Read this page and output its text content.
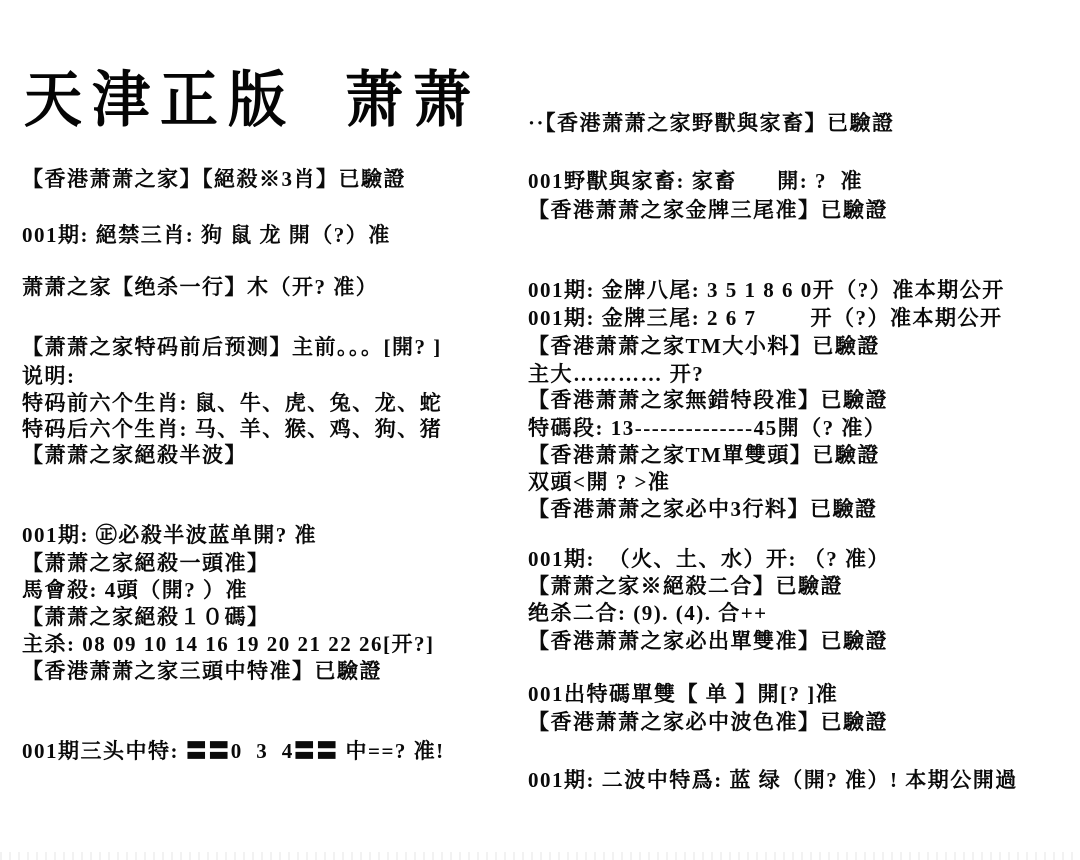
天津正版  萧萧
【香港萧萧之家】【絕殺※3肖】已驗證
001期: 絕禁三肖: 狗 鼠 龙 開（?）准
萧萧之家【绝杀一行】木（开? 准）
【萧萧之家特码前后预测】主前。。。[開? ]
说明:
特码前六个生肖: 鼠、牛、虎、兔、龙、蛇
特码后六个生肖: 马、羊、猴、鸡、狗、猪
【萧萧之家絕殺半波】
001期: ㊣必殺半波蓝单開? 准
【萧萧之家絕殺一頭准】
馬會殺: 4頭（開? ）准
【萧萧之家絕殺１０碼】
主杀: 08 09 10 14 16 19 20 21 22 26[开?]
【香港萧萧之家三頭中特准】已驗證
001期三头中特: 〓〓0  3  4〓〓 中==? 准!
··【香港萧萧之家野獸與家畜】已驗證
001野獸與家畜: 家畜      開: ?  准
【香港萧萧之家金牌三尾准】已驗證
001期: 金牌八尾: 3 5 1 8 6 0开（?）准本期公开
001期: 金牌三尾: 2 6 7        开（?）准本期公开
【香港萧萧之家TM大小料】已驗證
主大………… 开?
【香港萧萧之家無錯特段准】已驗證
特碼段: 13--------------45開（? 准）
【香港萧萧之家TM單雙頭】已驗證
双頭<開 ? >准
【香港萧萧之家必中3行料】已驗證
001期:  （火、土、水）开: （? 准）
【萧萧之家※絕殺二合】已驗證
绝杀二合: (9). (4). 合++
【香港萧萧之家必出單雙准】已驗證
001出特碼單雙【 单 】開[? ]准
【香港萧萧之家必中波色准】已驗證
001期: 二波中特爲: 蓝 绿（開? 准）! 本期公開過
